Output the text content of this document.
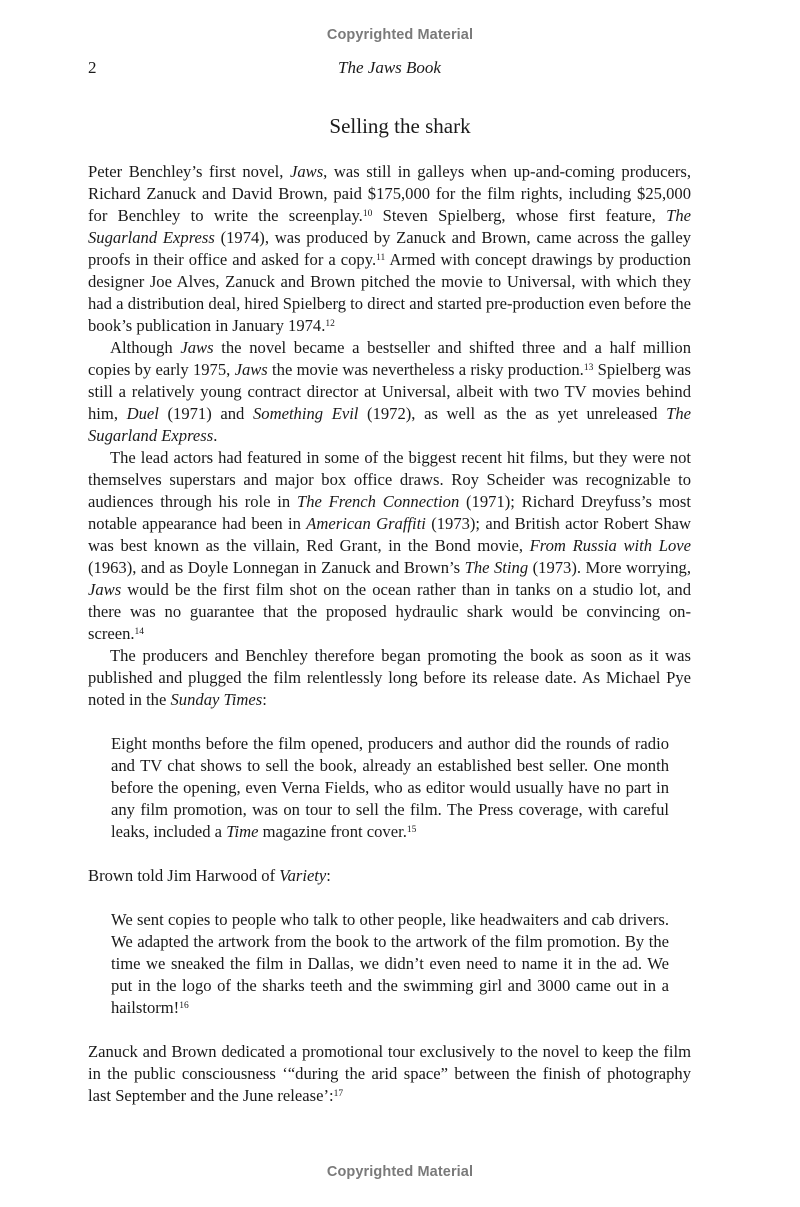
Copyrighted Material
2	The Jaws Book
Selling the shark

Peter Benchley’s first novel, Jaws, was still in galleys when up-and-coming producers, Richard Zanuck and David Brown, paid $175,000 for the film rights, including $25,000 for Benchley to write the screenplay.$^{10}$ Steven Spielberg, whose first feature, The Sugarland Express (1974), was produced by Zanuck and Brown, came across the galley proofs in their office and asked for a copy.$^{11}$ Armed with concept drawings by production designer Joe Alves, Zanuck and Brown pitched the movie to Universal, with which they had a distribution deal, hired Spielberg to direct and started pre-production even before the book’s publication in January 1974.12

Although Jaws the novel became a bestseller and shifted three and a half million copies by early 1975, Jaws the movie was nevertheless a risky production.$^{13}$ Spielberg was still a relatively young contract director at Universal, albeit with two TV movies behind him, Duel (1971) and Something Evil (1972), as well as the as yet unreleased The Sugarland Express.

The lead actors had featured in some of the biggest recent hit films, but they were not themselves superstars and major box office draws. Roy Scheider was recognizable to audiences through his role in The French Connection (1971); Richard Dreyfuss’s most notable appearance had been in American Graffiti (1973); and British actor Robert Shaw was best known as the villain, Red Grant, in the Bond movie, From Russia with Love (1963), and as Doyle Lonnegan in Zanuck and Brown’s The Sting (1973). More worrying, Jaws would be the first film shot on the ocean rather than in tanks on a studio lot, and there was no guarantee that the proposed hydraulic shark would be convincing on-screen.$^{14}$

The producers and Benchley therefore began promoting the book as soon as it was published and plugged the film relentlessly long before its release date. As Michael Pye noted in the Sunday Times:

Eight months before the film opened, producers and author did the rounds of radio and TV chat shows to sell the book, already an established best seller. One month before the opening, even Verna Fields, who as editor would usually have no part in any film promotion, was on tour to sell the film. The Press coverage, with careful leaks, included a Time magazine front cover.$^{15}$

Brown told Jim Harwood of Variety:

We sent copies to people who talk to other people, like headwaiters and cab drivers. We adapted the artwork from the book to the artwork of the film promotion. By the time we sneaked the film in Dallas, we didn’t even need to name it in the ad. We put in the logo of the sharks teeth and the swimming girl and 3000 came out in a hailstorm!$^{16}$

Zanuck and Brown dedicated a promotional tour exclusively to the novel to keep the film in the public consciousness ‘“during the arid space” between the finish of photography last September and the June release’:$^{17}$

Copyrighted Material
